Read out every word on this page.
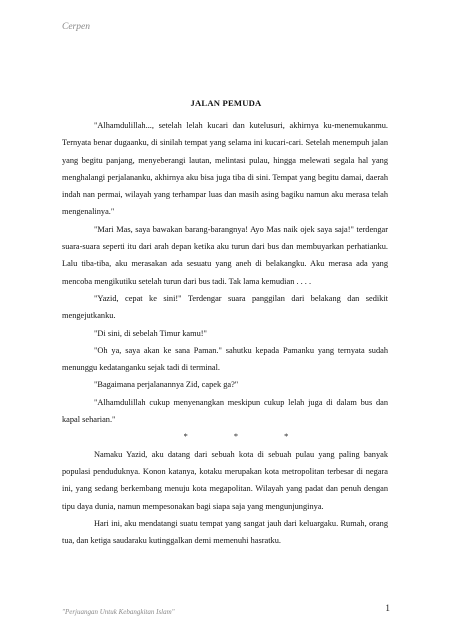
Cerpen
JALAN PEMUDA

"Alhamdulillah..., setelah lelah kucari dan kutelusuri, akhirnya ku-menemukanmu. Ternyata benar dugaanku, di sinilah tempat yang selama ini kucari-cari. Setelah menempuh jalan yang begitu panjang, menyeberangi lautan, melintasi pulau, hingga melewati segala hal yang menghalangi perjalananku, akhirnya aku bisa juga tiba di sini. Tempat yang begitu damai, daerah indah nan permai, wilayah yang terhampar luas dan masih asing bagiku namun aku merasa telah mengenalinya."

"Mari Mas, saya bawakan barang-barangnya! Ayo Mas naik ojek saya saja!" terdengar suara-suara seperti itu dari arah depan ketika aku turun dari bus dan membuyarkan perhatianku. Lalu tiba-tiba, aku merasakan ada sesuatu yang aneh di belakangku. Aku merasa ada yang mencoba mengikutiku setelah turun dari bus tadi. Tak lama kemudian . . . .

"Yazid, cepat ke sini!" Terdengar suara panggilan dari belakang dan sedikit mengejutkanku.

"Di sini, di sebelah Timur kamu!"

"Oh ya, saya akan ke sana Paman." sahutku kepada Pamanku yang ternyata sudah menunggu kedatanganku sejak tadi di terminal.

"Bagaimana perjalanannya Zid, capek ga?"

"Alhamdulillah cukup menyenangkan meskipun cukup lelah juga di dalam bus dan kapal seharian."

* * *

Namaku Yazid, aku datang dari sebuah kota di sebuah pulau yang paling banyak populasi penduduknya. Konon katanya, kotaku merupakan kota metropolitan terbesar di negara ini, yang sedang berkembang menuju kota megapolitan. Wilayah yang padat dan penuh dengan tipu daya dunia, namun mempesonakan bagi siapa saja yang mengunjunginya.

Hari ini, aku mendatangi suatu tempat yang sangat jauh dari keluargaku. Rumah, orang tua, dan ketiga saudaraku kutinggalkan demi memenuhi hasratku.

"Perjuangan Untuk Kebangkitan Islam"	1
